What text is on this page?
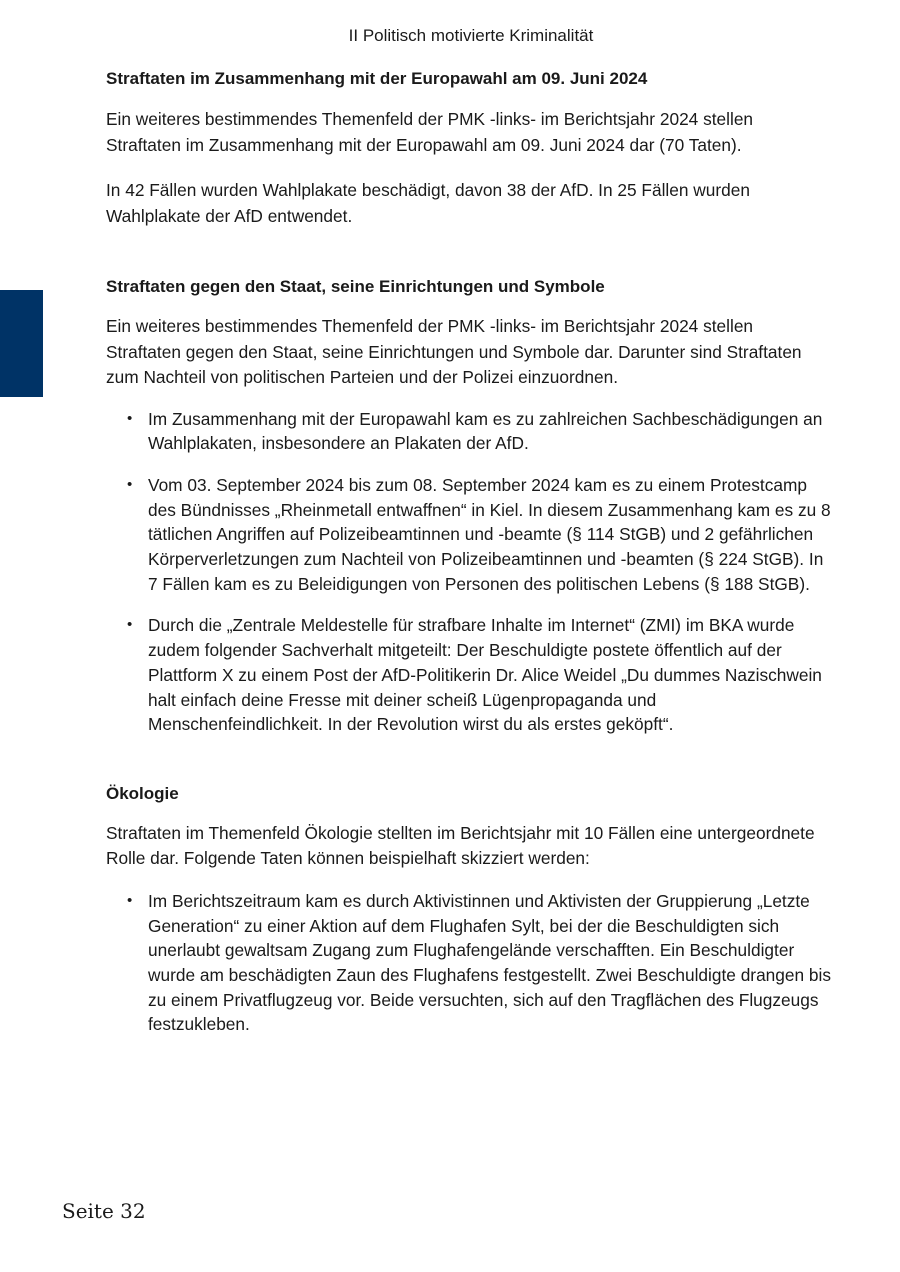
II Politisch motivierte Kriminalität
Straftaten im Zusammenhang mit der Europawahl am 09. Juni 2024

Ein weiteres bestimmendes Themenfeld der PMK -links- im Berichtsjahr 2024 stellen Straftaten im Zusammenhang mit der Europawahl am 09. Juni 2024 dar (70 Taten).

In 42 Fällen wurden Wahlplakate beschädigt, davon 38 der AfD. In 25 Fällen wurden Wahlplakate der AfD entwendet.

Straftaten gegen den Staat, seine Einrichtungen und Symbole

Ein weiteres bestimmendes Themenfeld der PMK -links- im Berichtsjahr 2024 stellen Straftaten gegen den Staat, seine Einrichtungen und Symbole dar. Darunter sind Straftaten zum Nachteil von politischen Parteien und der Polizei einzuordnen.

• Im Zusammenhang mit der Europawahl kam es zu zahlreichen Sachbeschädigungen an Wahlplakaten, insbesondere an Plakaten der AfD.
• Vom 03. September 2024 bis zum 08. September 2024 kam es zu einem Protestcamp des Bündnisses „Rheinmetall entwaffnen“ in Kiel. In diesem Zusammenhang kam es zu 8 tätlichen Angriffen auf Polizeibeamtinnen und -beamte (§ 114 StGB) und 2 gefährlichen Körperverletzungen zum Nachteil von Polizeibeamtinnen und -beamten (§ 224 StGB). In 7 Fällen kam es zu Beleidigungen von Personen des politischen Lebens (§ 188 StGB).
• Durch die „Zentrale Meldestelle für strafbare Inhalte im Internet“ (ZMI) im BKA wurde zudem folgender Sachverhalt mitgeteilt: Der Beschuldigte postete öffentlich auf der Plattform X zu einem Post der AfD-Politikerin Dr. Alice Weidel „Du dummes Nazischwein halt einfach deine Fresse mit deiner scheiß Lügenpropaganda und Menschenfeindlichkeit. In der Revolution wirst du als erstes geköpft“.
Ökologie

Straftaten im Themenfeld Ökologie stellten im Berichtsjahr mit 10 Fällen eine untergeordnete Rolle dar. Folgende Taten können beispielhaft skizziert werden:

• Im Berichtszeitraum kam es durch Aktivistinnen und Aktivisten der Gruppierung „Letzte Generation“ zu einer Aktion auf dem Flughafen Sylt, bei der die Beschuldigten sich unerlaubt gewaltsam Zugang zum Flughafengelände verschafften. Ein Beschuldigter wurde am beschädigten Zaun des Flughafens festgestellt. Zwei Beschuldigte drangen bis zu einem Privatflugzeug vor. Beide versuchten, sich auf den Tragflächen des Flugzeugs festzukleben.
Seite 32
